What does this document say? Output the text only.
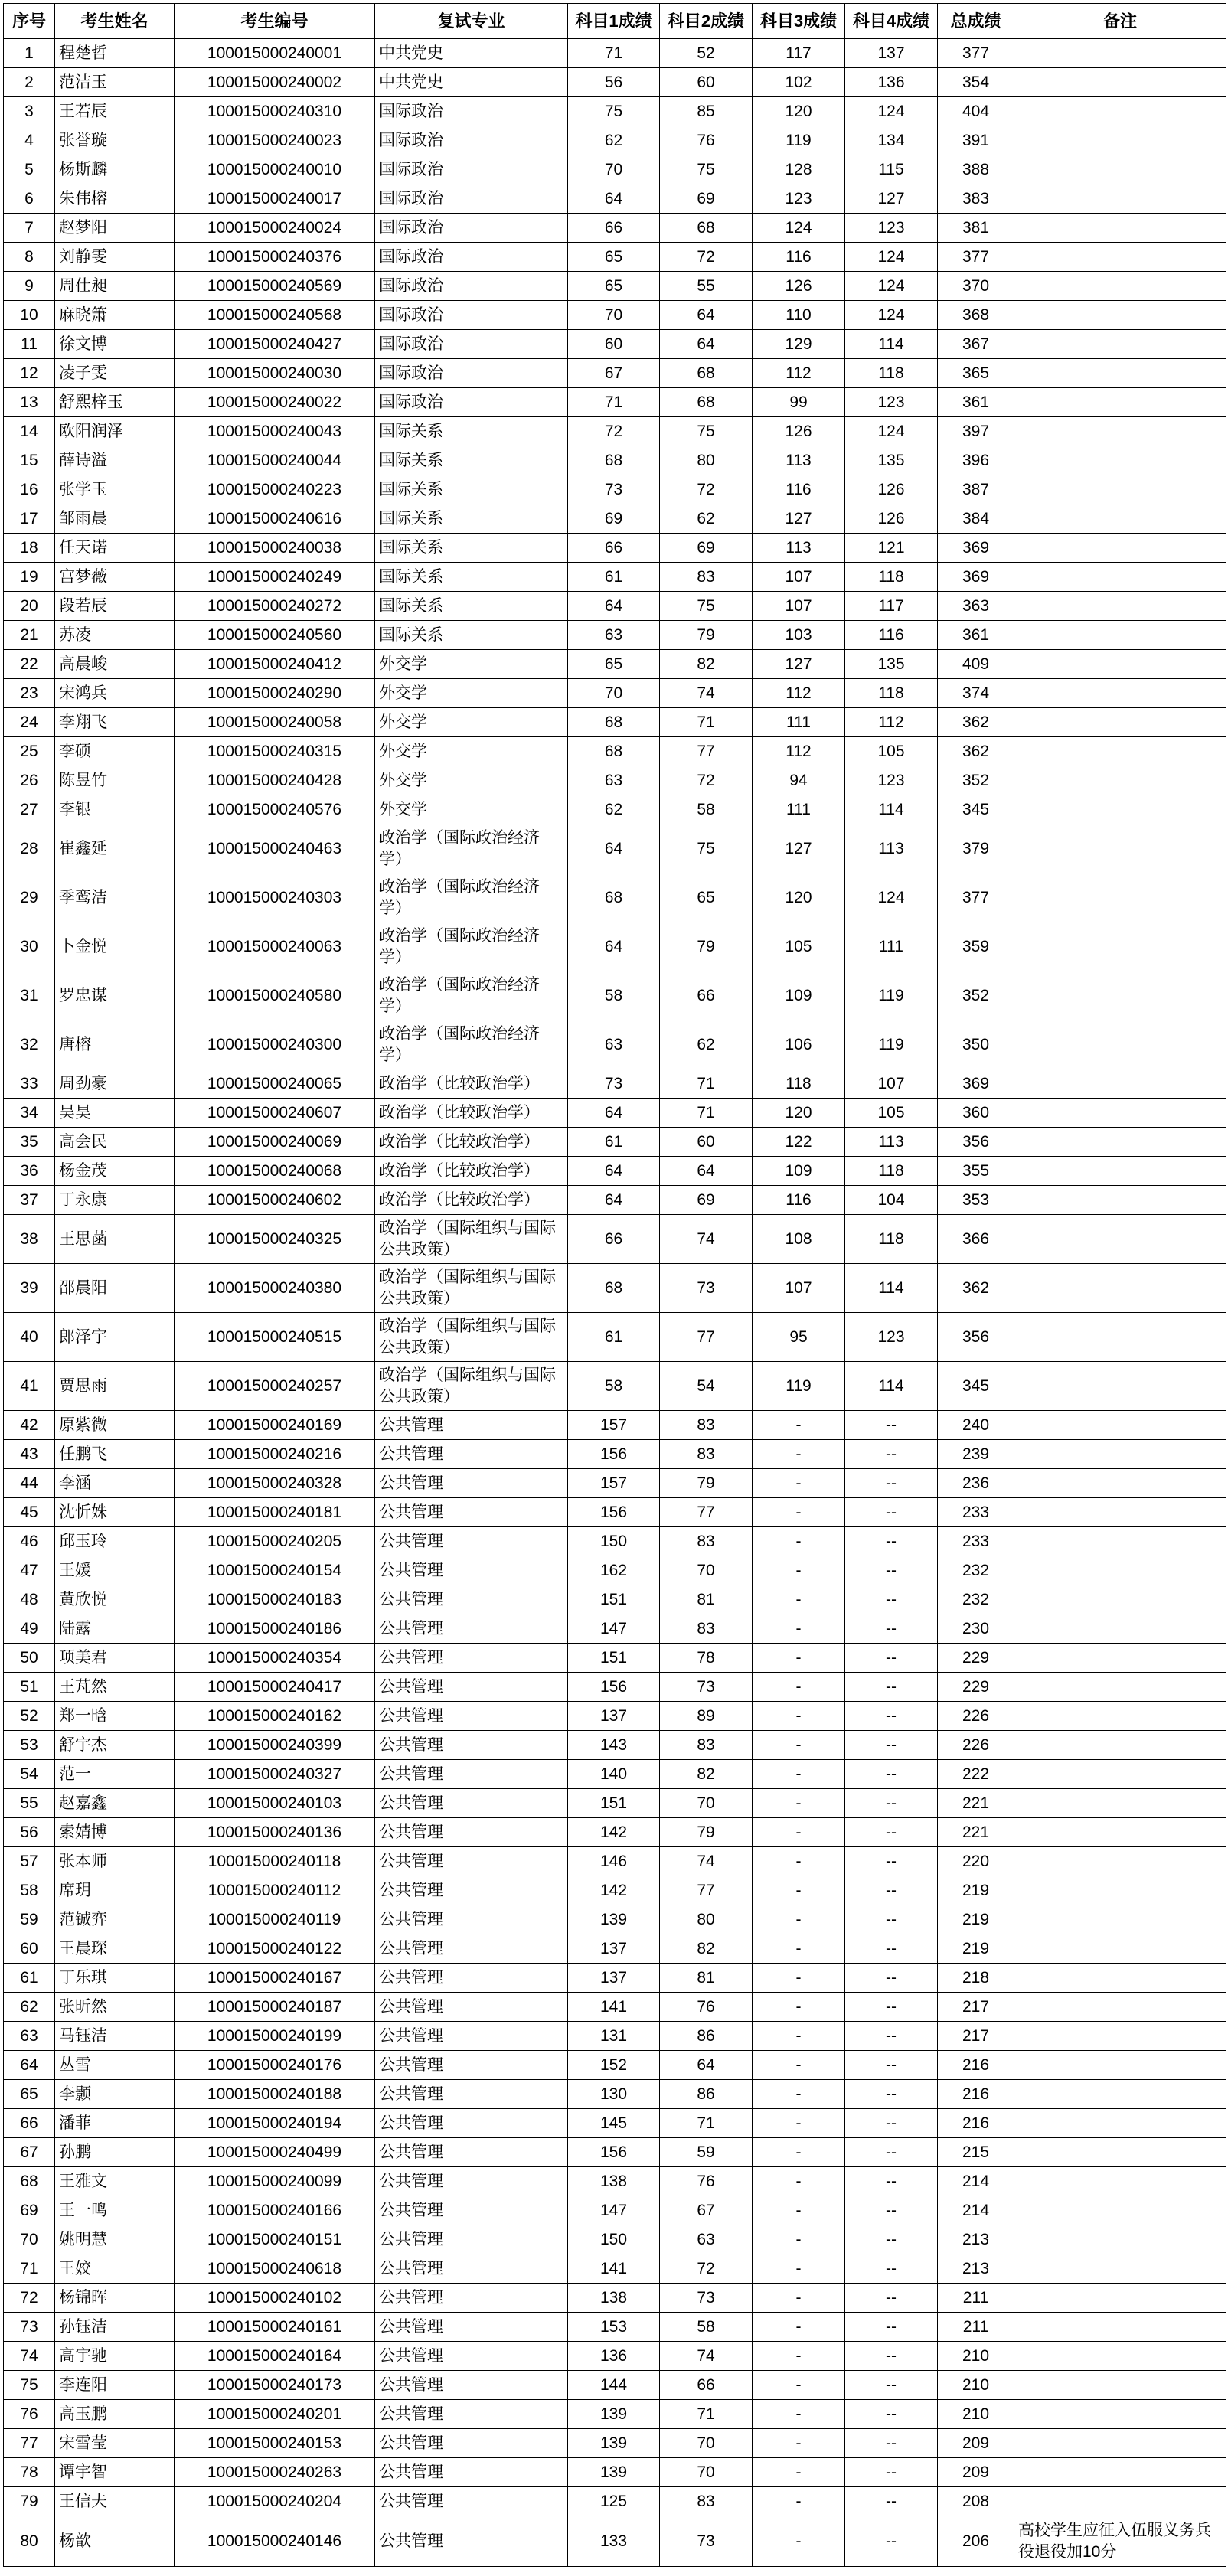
序号	考生姓名	考生编号	复试专业	科目1成绩	科目2成绩	科目3成绩	科目4成绩	总成绩	备注
1	程楚哲	100015000240001	中共党史	71	52	117	137	377	
2	范洁玉	100015000240002	中共党史	56	60	102	136	354	
3	王若辰	100015000240310	国际政治	75	85	120	124	404	
4	张誉璇	100015000240023	国际政治	62	76	119	134	391	
5	杨斯麟	100015000240010	国际政治	70	75	128	115	388	
6	朱伟榕	100015000240017	国际政治	64	69	123	127	383	
7	赵梦阳	100015000240024	国际政治	66	68	124	123	381	
8	刘静雯	100015000240376	国际政治	65	72	116	124	377	
9	周仕昶	100015000240569	国际政治	65	55	126	124	370	
10	麻晓箫	100015000240568	国际政治	70	64	110	124	368	
11	徐文博	100015000240427	国际政治	60	64	129	114	367	
12	凌子雯	100015000240030	国际政治	67	68	112	118	365	
13	舒熙梓玉	100015000240022	国际政治	71	68	99	123	361	
14	欧阳润泽	100015000240043	国际关系	72	75	126	124	397	
15	薛诗溢	100015000240044	国际关系	68	80	113	135	396	
16	张学玉	100015000240223	国际关系	73	72	116	126	387	
17	邹雨晨	100015000240616	国际关系	69	62	127	126	384	
18	任天诺	100015000240038	国际关系	66	69	113	121	369	
19	宫梦薇	100015000240249	国际关系	61	83	107	118	369	
20	段若辰	100015000240272	国际关系	64	75	107	117	363	
21	苏凌	100015000240560	国际关系	63	79	103	116	361	
22	高晨峻	100015000240412	外交学	65	82	127	135	409	
23	宋鸿兵	100015000240290	外交学	70	74	112	118	374	
24	李翔飞	100015000240058	外交学	68	71	111	112	362	
25	李硕	100015000240315	外交学	68	77	112	105	362	
26	陈昱竹	100015000240428	外交学	63	72	94	123	352	
27	李银	100015000240576	外交学	62	58	111	114	345	
28	崔鑫延	100015000240463	政治学（国际政治经济学）	64	75	127	113	379	
29	季鸾洁	100015000240303	政治学（国际政治经济学）	68	65	120	124	377	
30	卜金悦	100015000240063	政治学（国际政治经济学）	64	79	105	111	359	
31	罗忠谋	100015000240580	政治学（国际政治经济学）	58	66	109	119	352	
32	唐榕	100015000240300	政治学（国际政治经济学）	63	62	106	119	350	
33	周劲豪	100015000240065	政治学（比较政治学）	73	71	118	107	369	
34	吴昊	100015000240607	政治学（比较政治学）	64	71	120	105	360	
35	高会民	100015000240069	政治学（比较政治学）	61	60	122	113	356	
36	杨金茂	100015000240068	政治学（比较政治学）	64	64	109	118	355	
37	丁永康	100015000240602	政治学（比较政治学）	64	69	116	104	353	
38	王思菡	100015000240325	政治学（国际组织与国际公共政策）	66	74	108	118	366	
39	邵晨阳	100015000240380	政治学（国际组织与国际公共政策）	68	73	107	114	362	
40	郎泽宇	100015000240515	政治学（国际组织与国际公共政策）	61	77	95	123	356	
41	贾思雨	100015000240257	政治学（国际组织与国际公共政策）	58	54	119	114	345	
42	原紫微	100015000240169	公共管理	157	83	-	--	240	
43	任鹏飞	100015000240216	公共管理	156	83	-	--	239	
44	李涵	100015000240328	公共管理	157	79	-	--	236	
45	沈忻姝	100015000240181	公共管理	156	77	-	--	233	
46	邱玉玲	100015000240205	公共管理	150	83	-	--	233	
47	王媛	100015000240154	公共管理	162	70	-	--	232	
48	黄欣悦	100015000240183	公共管理	151	81	-	--	232	
49	陆露	100015000240186	公共管理	147	83	-	--	230	
50	项美君	100015000240354	公共管理	151	78	-	--	229	
51	王芃然	100015000240417	公共管理	156	73	-	--	229	
52	郑一晗	100015000240162	公共管理	137	89	-	--	226	
53	舒宇杰	100015000240399	公共管理	143	83	-	--	226	
54	范一	100015000240327	公共管理	140	82	-	--	222	
55	赵嘉鑫	100015000240103	公共管理	151	70	-	--	221	
56	索婧博	100015000240136	公共管理	142	79	-	--	221	
57	张本师	100015000240118	公共管理	146	74	-	--	220	
58	席玥	100015000240112	公共管理	142	77	-	--	219	
59	范铖弈	100015000240119	公共管理	139	80	-	--	219	
60	王晨琛	100015000240122	公共管理	137	82	-	--	219	
61	丁乐琪	100015000240167	公共管理	137	81	-	--	218	
62	张昕然	100015000240187	公共管理	141	76	-	--	217	
63	马钰洁	100015000240199	公共管理	131	86	-	--	217	
64	丛雪	100015000240176	公共管理	152	64	-	--	216	
65	李颢	100015000240188	公共管理	130	86	-	--	216	
66	潘菲	100015000240194	公共管理	145	71	-	--	216	
67	孙鹏	100015000240499	公共管理	156	59	-	--	215	
68	王雅文	100015000240099	公共管理	138	76	-	--	214	
69	王一鸣	100015000240166	公共管理	147	67	-	--	214	
70	姚明慧	100015000240151	公共管理	150	63	-	--	213	
71	王姣	100015000240618	公共管理	141	72	-	--	213	
72	杨锦晖	100015000240102	公共管理	138	73	-	--	211	
73	孙钰洁	100015000240161	公共管理	153	58	-	--	211	
74	高宇驰	100015000240164	公共管理	136	74	-	--	210	
75	李连阳	100015000240173	公共管理	144	66	-	--	210	
76	高玉鹏	100015000240201	公共管理	139	71	-	--	210	
77	宋雪莹	100015000240153	公共管理	139	70	-	--	209	
78	谭宇智	100015000240263	公共管理	139	70	-	--	209	
79	王信夫	100015000240204	公共管理	125	83	-	--	208	
80	杨歆	100015000240146	公共管理	133	73	-	--	206	高校学生应征入伍服义务兵役退役加10分
